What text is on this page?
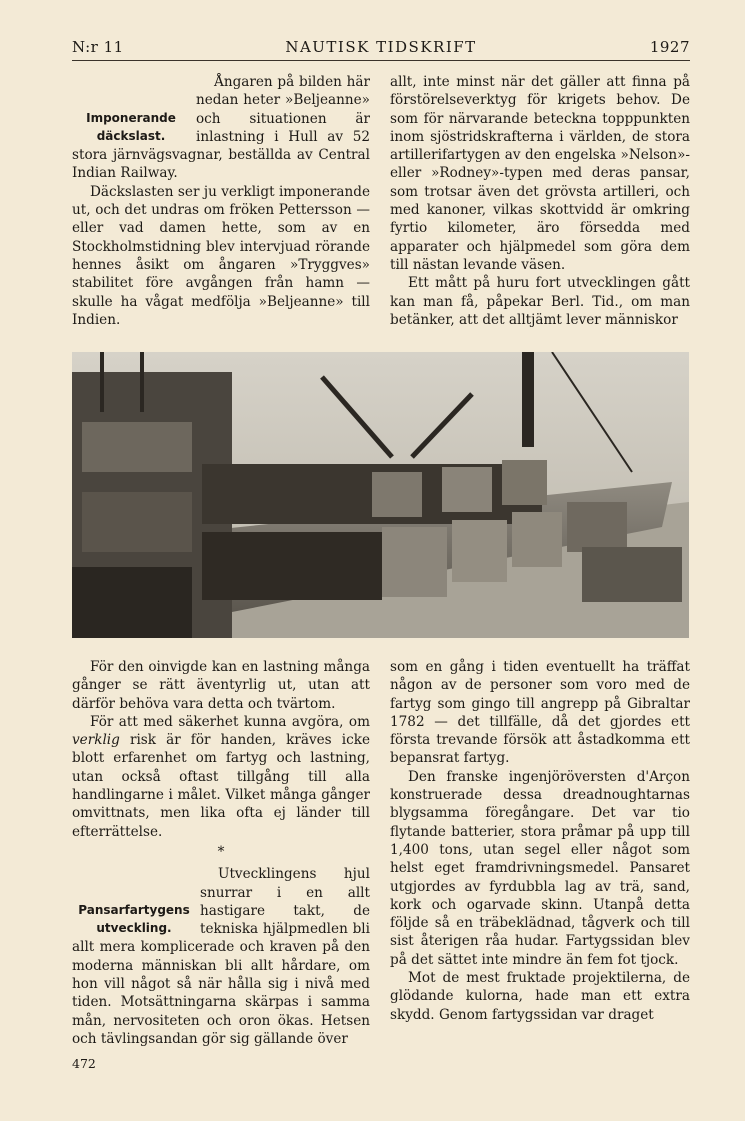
N:r 11	NAUTISK TIDSKRIFT	1927
Imponerande däckslast.

Ångaren på bilden här nedan heter »Beljeanne» och situationen är inlastning i Hull av 52 stora järnvägsvagnar, beställda av Central Indian Railway.

Däckslasten ser ju verkligt imponerande ut, och det undras om fröken Pettersson — eller vad damen hette, som av en Stockholmstidning blev intervjuad rörande hennes åsikt om ångaren »Tryggves» stabilitet före avgången från hamn — skulle ha vågat medfölja »Beljeanne» till Indien.

allt, inte minst när det gäller att finna på förstörelseverktyg för krigets behov. De som för närvarande beteckna topppunkten inom sjöstridskrafterna i världen, de stora artillerifartygen av den engelska »Nelson»- eller »Rodney»-typen med deras pansar, som trotsar även det grövsta artilleri, och med kanoner, vilkas skottvidd är omkring fyrtio kilometer, äro försedda med apparater och hjälpmedel som göra dem till nästan levande väsen.

Ett mått på huru fort utvecklingen gått kan man få, påpekar Berl. Tid., om man betänker, att det alltjämt lever människor

För den oinvigde kan en lastning många gånger se rätt äventyrlig ut, utan att därför behöva vara detta och tvärtom.

För att med säkerhet kunna avgöra, om verklig risk är för handen, kräves icke blott erfarenhet om fartyg och lastning, utan också oftast tillgång till alla handlingarne i målet. Vilket många gånger omvittnats, men lika ofta ej länder till efterrättelse.

*
Pansarfartygens utveckling.

Utvecklingens hjul snurrar i en allt hastigare takt, de tekniska hjälpmedlen bli allt mera komplicerade och kraven på den moderna människan bli allt hårdare, om hon vill något så när hålla sig i nivå med tiden. Motsättningarna skärpas i samma mån, nervositeten och oron ökas. Hetsen och tävlingsandan gör sig gällande över

som en gång i tiden eventuellt ha träffat någon av de personer som voro med de fartyg som gingo till angrepp på Gibraltar 1782 — det tillfälle, då det gjordes ett första trevande försök att åstadkomma ett bepansrat fartyg.

Den franske ingenjöröversten d'Arçon konstruerade dessa dreadnoughtarnas blygsamma föregångare. Det var tio flytande batterier, stora pråmar på upp till 1,400 tons, utan segel eller något som helst eget framdrivningsmedel. Pansaret utgjordes av fyrdubbla lag av trä, sand, kork och ogarvade skinn. Utanpå detta följde så en träbeklädnad, tågverk och till sist återigen råa hudar. Fartygssidan blev på det sättet inte mindre än fem fot tjock.

Mot de mest fruktade projektilerna, de glödande kulorna, hade man ett extra skydd. Genom fartygssidan var draget

472
